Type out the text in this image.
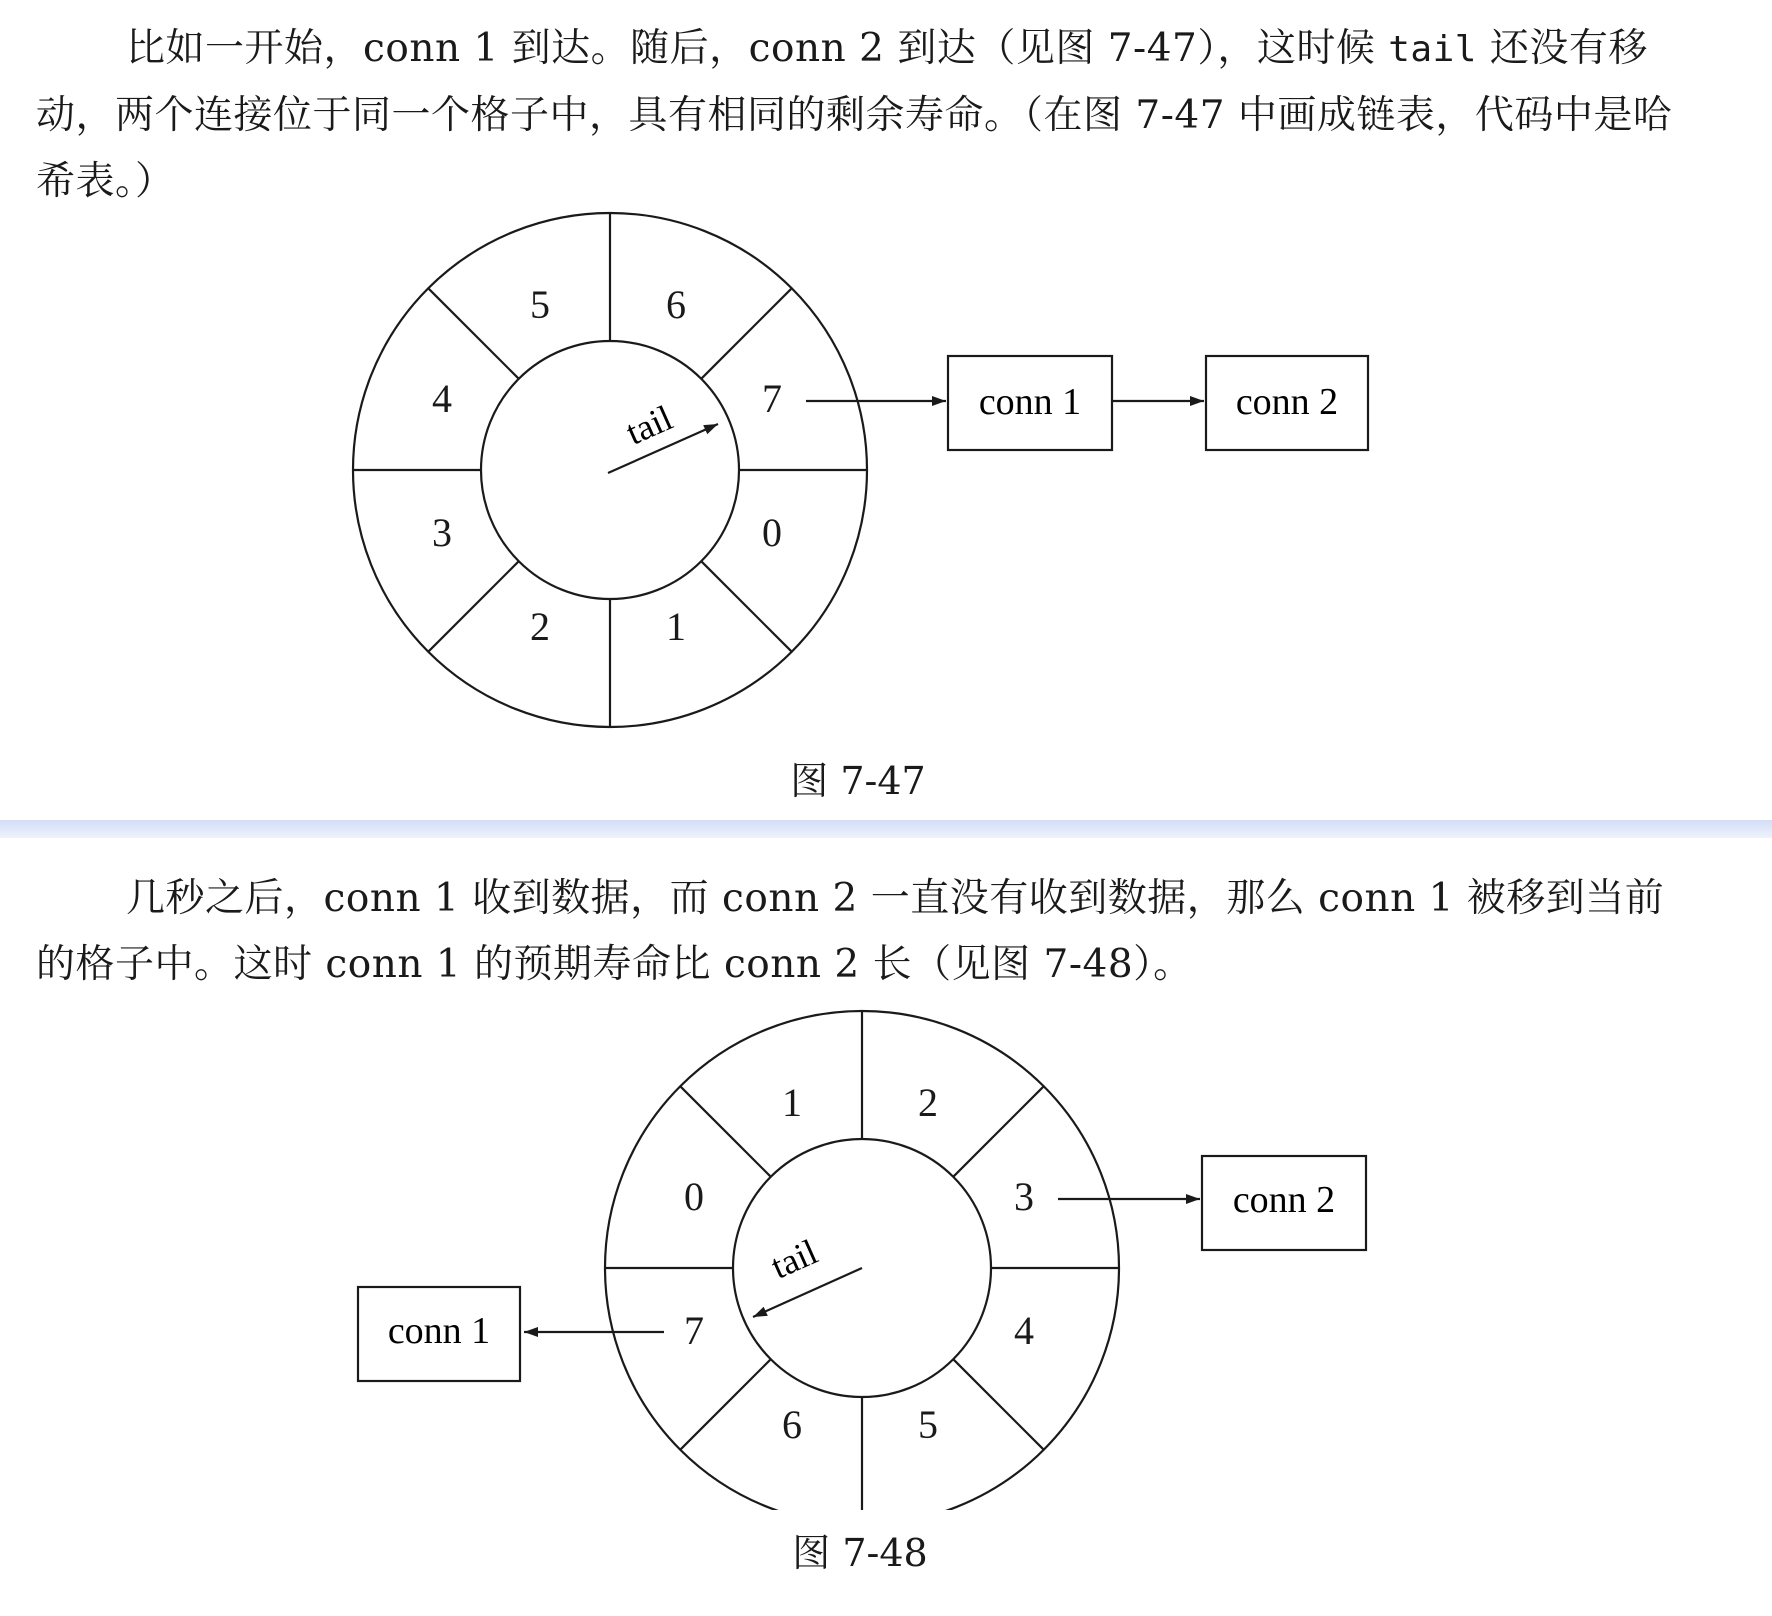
比如一开始，conn 1 到达。随后，conn 2 到达（见图 7-47），这时候 tail 还没有移动，两个连接位于同一个格子中，具有相同的剩余寿命。（在图 7-47 中画成链表，代码中是哈希表。）

0
1
2
3
4
5	6
7
tail	conn 1	conn 2

图 7-47

几秒之后，conn 1 收到数据，而 conn 2 一直没有收到数据，那么 conn 1 被移到当前的格子中。这时 conn 1 的预期寿命比 conn 2 长（见图 7-48）。

4
5
6
7
0
1	2
3
tail
conn 2
conn 1

图 7-48
